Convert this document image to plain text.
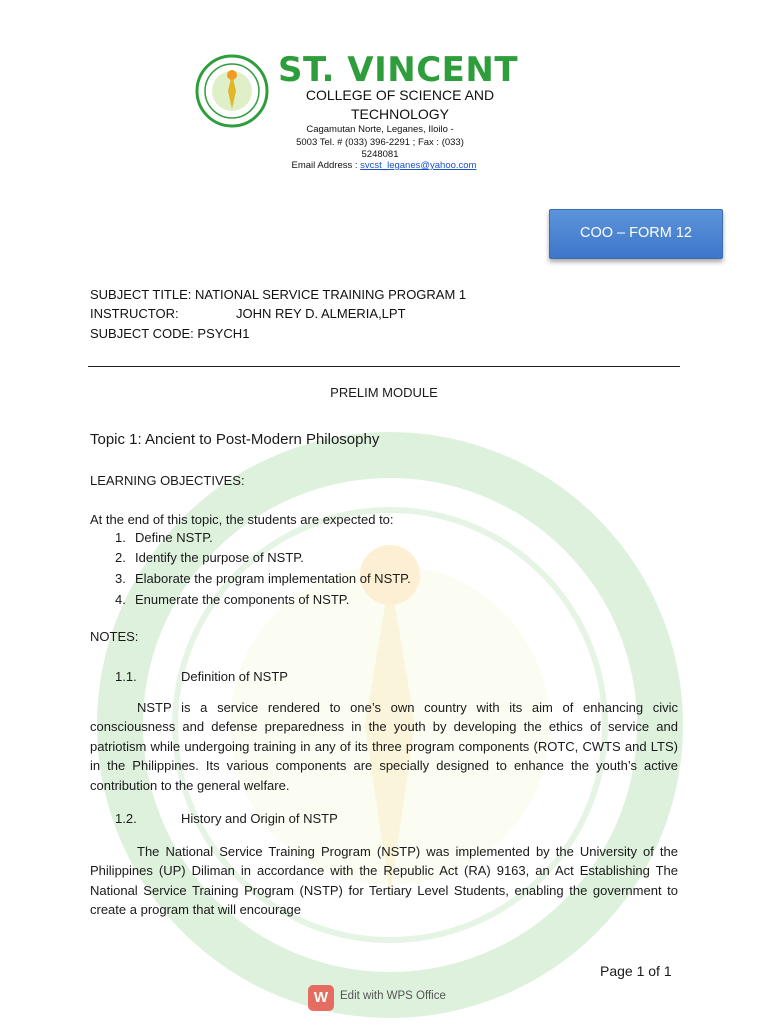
ST. VINCENT
COLLEGE OF SCIENCE AND
TECHNOLOGY
Cagamutan Norte, Leganes, Iloilo -
5003 Tel. # (033) 396-2291 ; Fax : (033)
5248081
Email Address : svcst_leganes@yahoo.com
COO – FORM 12
SUBJECT TITLE: NATIONAL SERVICE TRAINING PROGRAM 1
INSTRUCTOR:	JOHN REY D. ALMERIA,LPT
SUBJECT CODE: PSYCH1
PRELIM MODULE
Topic 1: Ancient to Post-Modern Philosophy
LEARNING OBJECTIVES:
At the end of this topic, the students are expected to:
1. Define NSTP.
2. Identify the purpose of NSTP.
3. Elaborate the program implementation of NSTP.
4. Enumerate the components of NSTP.
NOTES:
1.1.	Definition of NSTP
NSTP is a service rendered to one’s own country with its aim of enhancing civic consciousness and defense preparedness in the youth by developing the ethics of service and patriotism while undergoing training in any of its three program components (ROTC, CWTS and LTS) in the Philippines. Its various components are specially designed to enhance the youth’s active contribution to the general welfare.
1.2.	History and Origin of NSTP
The National Service Training Program (NSTP) was implemented by the University of the Philippines (UP) Diliman in accordance with the Republic Act (RA) 9163, an Act Establishing The National Service Training Program (NSTP) for Tertiary Level Students, enabling the government to create a program that will encourage
Page 1 of 1
W	Edit with WPS Office
